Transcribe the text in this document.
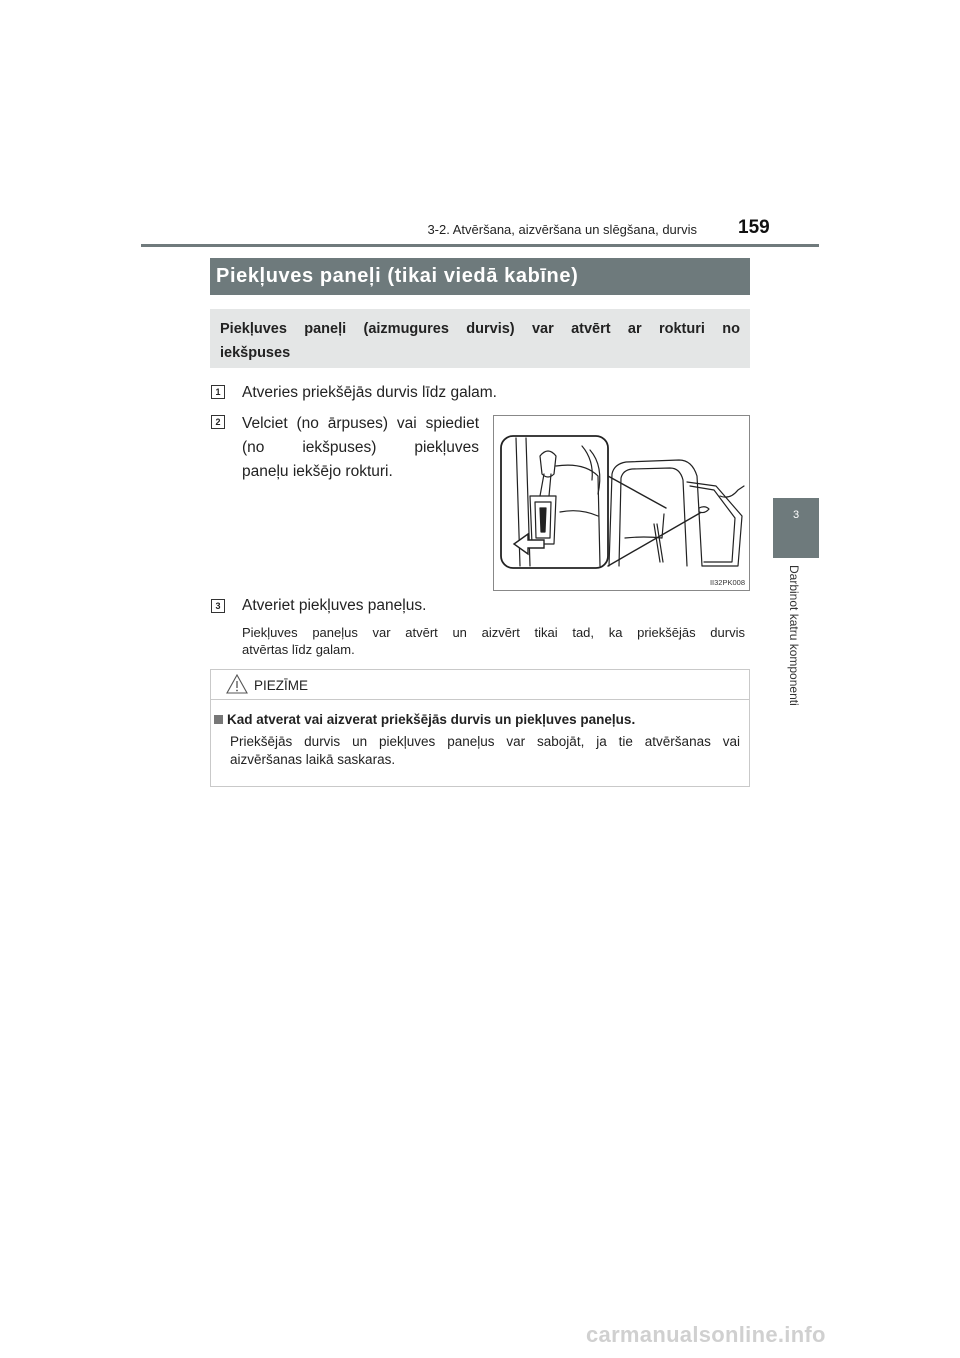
3-2. Atvēršana, aizvēršana un slēgšana, durvis 159
3
Darbinot katru komponenti
Piekļuves paneļi (tikai viedā kabīne)
Piekļuves paneļi (aizmugures durvis) var atvērt ar rokturi no
iekšpuses
1 Atveries priekšējās durvis līdz galam.
2 Velciet (no ārpuses) vai spiediet
(no iekšpuses) piekļuves
paneļu iekšējo rokturi.
II32PK008
3 Atveriet piekļuves paneļus.
Piekļuves paneļus var atvērt un aizvērt tikai tad, ka priekšējās durvis
atvērtas līdz galam.
PIEZĪME
Kad atverat vai aizverat priekšējās durvis un piekļuves paneļus.
Priekšējās durvis un piekļuves paneļus var sabojāt, ja tie atvēršanas vai
aizvēršanas laikā saskaras.
carmanualsonline.info
